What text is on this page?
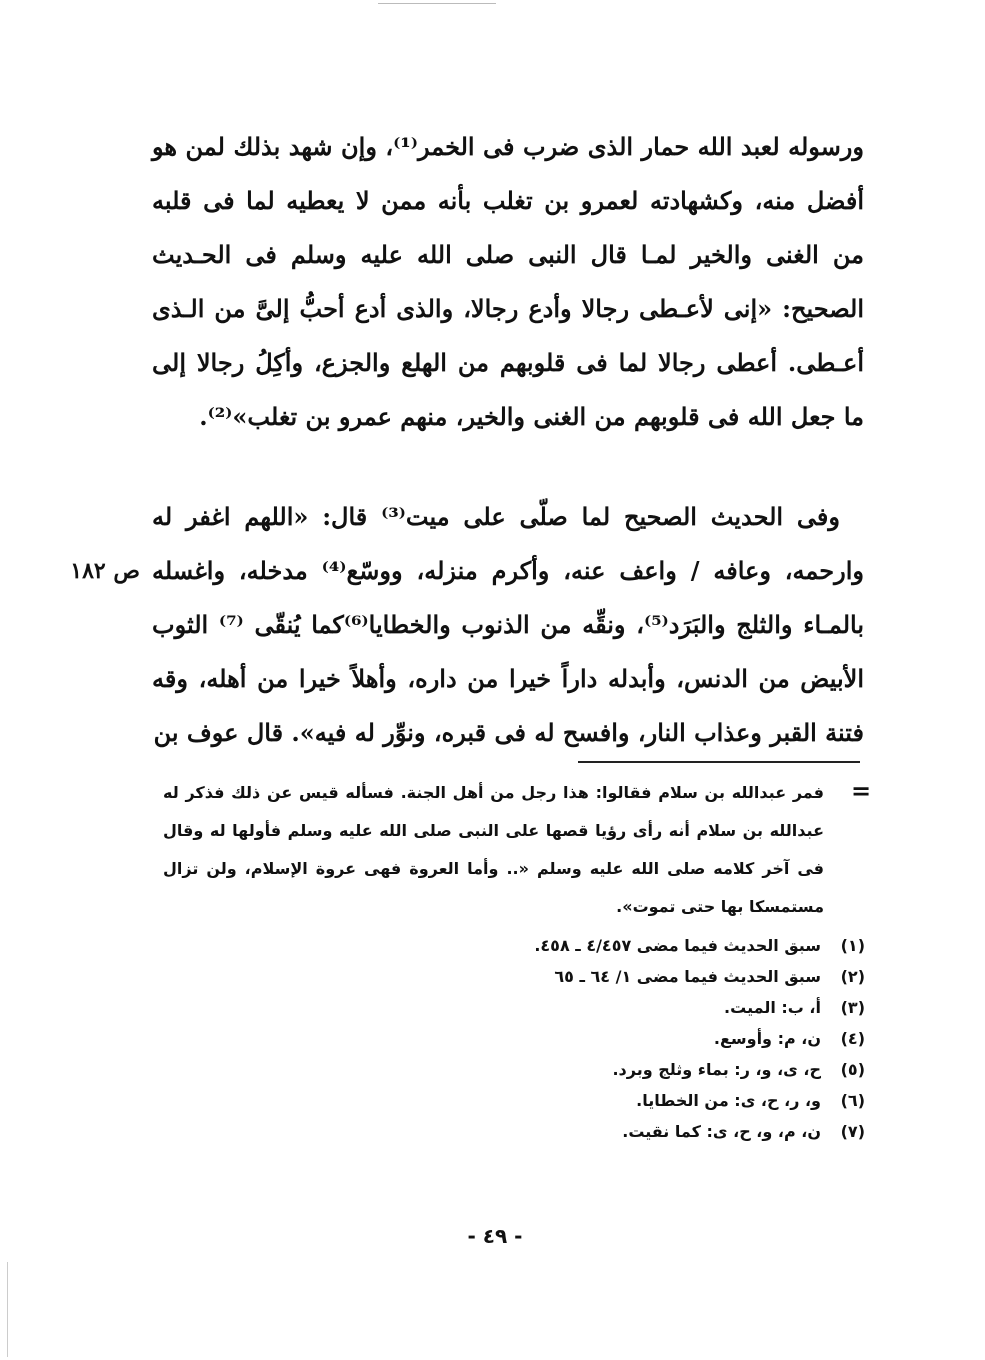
ورسوله لعبد الله حمار الذى ضرب فى الخمر⁽¹⁾، وإن شهد بذلك لمن هو أفضل منه، وكشهادته لعمرو بن تغلب بأنه ممن لا يعطيه لما فى قلبه من الغنى والخير لمـا قال النبى صلى الله عليه وسلم فى الحـديث الصحيح: «إنى لأعـطى رجالا وأدع رجالا، والذى أدع أحبُّ إلىَّ من الـذى أعـطى. أعطى رجالا لما فى قلوبهم من الهلع والجزع، وأكِلُ رجالا إلى ما جعل الله فى قلوبهم من الغنى والخير، منهم عمرو بن تغلب»⁽²⁾.

وفى الحديث الصحيح لما صلّى على ميت⁽³⁾ قال: «اللهم اغفر له وارحمه، وعافه / واعف عنه، وأكرم منزله، ووسّع⁽⁴⁾ مدخله، واغسله بالمـاء والثلج والبَرَد⁽⁵⁾، ونقِّه من الذنوب والخطايا⁽⁶⁾كما يُنقّى ⁽⁷⁾ الثوب الأبيض من الدنس، وأبدله داراً خيرا من داره، وأهلاً خيرا من أهله، وقه فتنة القبر وعذاب النار، وافسح له فى قبره، ونوِّر له فيه». قال عوف بن

ص ١٨٢
=

فمر عبدالله بن سلام فقالوا: هذا رجل من أهل الجنة. فسأله قيس عن ذلك فذكر له عبدالله بن سلام أنه رأى رؤيا قصها على النبى صلى الله عليه وسلم فأولها له وقال فى آخر كلامه صلى الله عليه وسلم «.. وأما العروة فهى عروة الإسلام، ولن تزال مستمسكا بها حتى تموت».

(١)
سبق الحديث فيما مضى ٤/٤٥٧ ـ ٤٥٨.
(٢)
سبق الحديث فيما مضى ١/ ٦٤ ـ ٦٥
(٣)
أ، ب: الميت.
(٤)
ن، م: وأوسع.
(٥)
ح، ى، و، ر: بماء وثلج وبرد.
(٦)
و، ر، ح، ى: من الخطايا.
(٧)
ن، م، و، ح، ى: كما نقيت.
- ٤٩ -
